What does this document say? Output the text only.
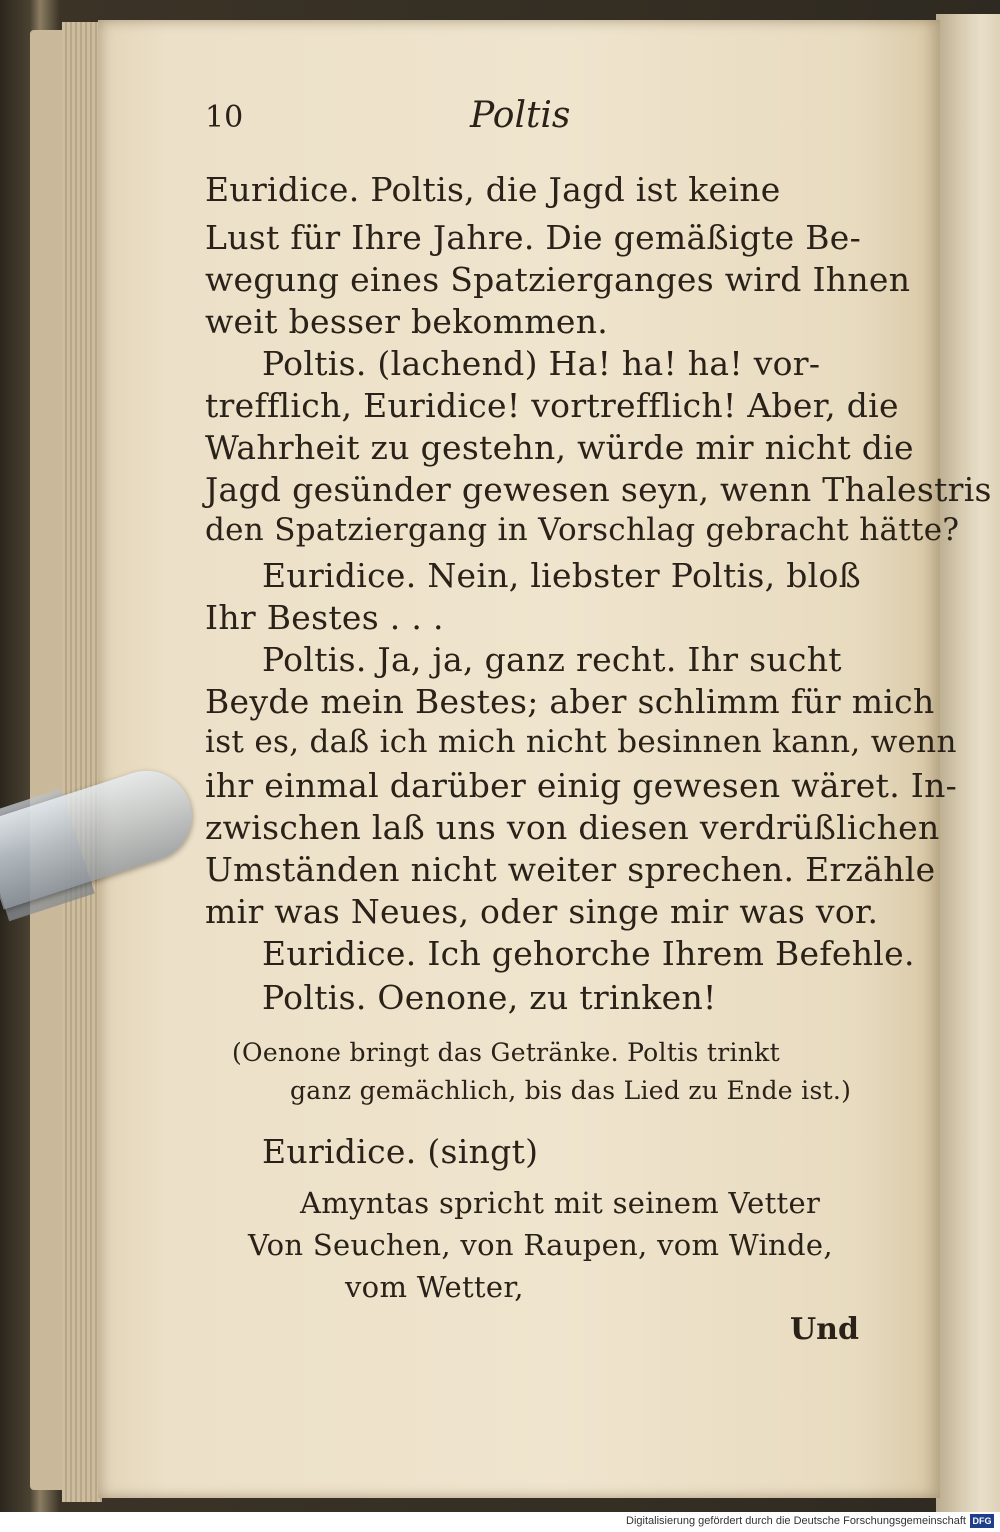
10	Poltis
Euridice. Poltis, die Jagd ist keine
Lust für Ihre Jahre. Die gemäßigte Be-
wegung eines Spatzierganges wird Ihnen
weit besser bekommen.
Poltis. (lachend) Ha! ha! ha! vor-
trefflich, Euridice! vortrefflich! Aber, die
Wahrheit zu gestehn, würde mir nicht die
Jagd gesünder gewesen seyn, wenn Thalestris
den Spatziergang in Vorschlag gebracht hätte?
Euridice. Nein, liebster Poltis, bloß
Ihr Bestes . . .
Poltis. Ja, ja, ganz recht. Ihr sucht
Beyde mein Bestes; aber schlimm für mich
ist es, daß ich mich nicht besinnen kann, wenn
ihr einmal darüber einig gewesen wäret. In-
zwischen laß uns von diesen verdrüßlichen
Umständen nicht weiter sprechen. Erzähle
mir was Neues, oder singe mir was vor.
Euridice. Ich gehorche Ihrem Befehle.
Poltis. Oenone, zu trinken!
(Oenone bringt das Getränke. Poltis trinkt
ganz gemächlich, bis das Lied zu Ende ist.)
Euridice. (singt)
Amyntas spricht mit seinem Vetter
Von Seuchen, von Raupen, vom Winde,
vom Wetter,
Und
Digitalisierung gefördert durch die Deutsche Forschungsgemeinschaft DFG
